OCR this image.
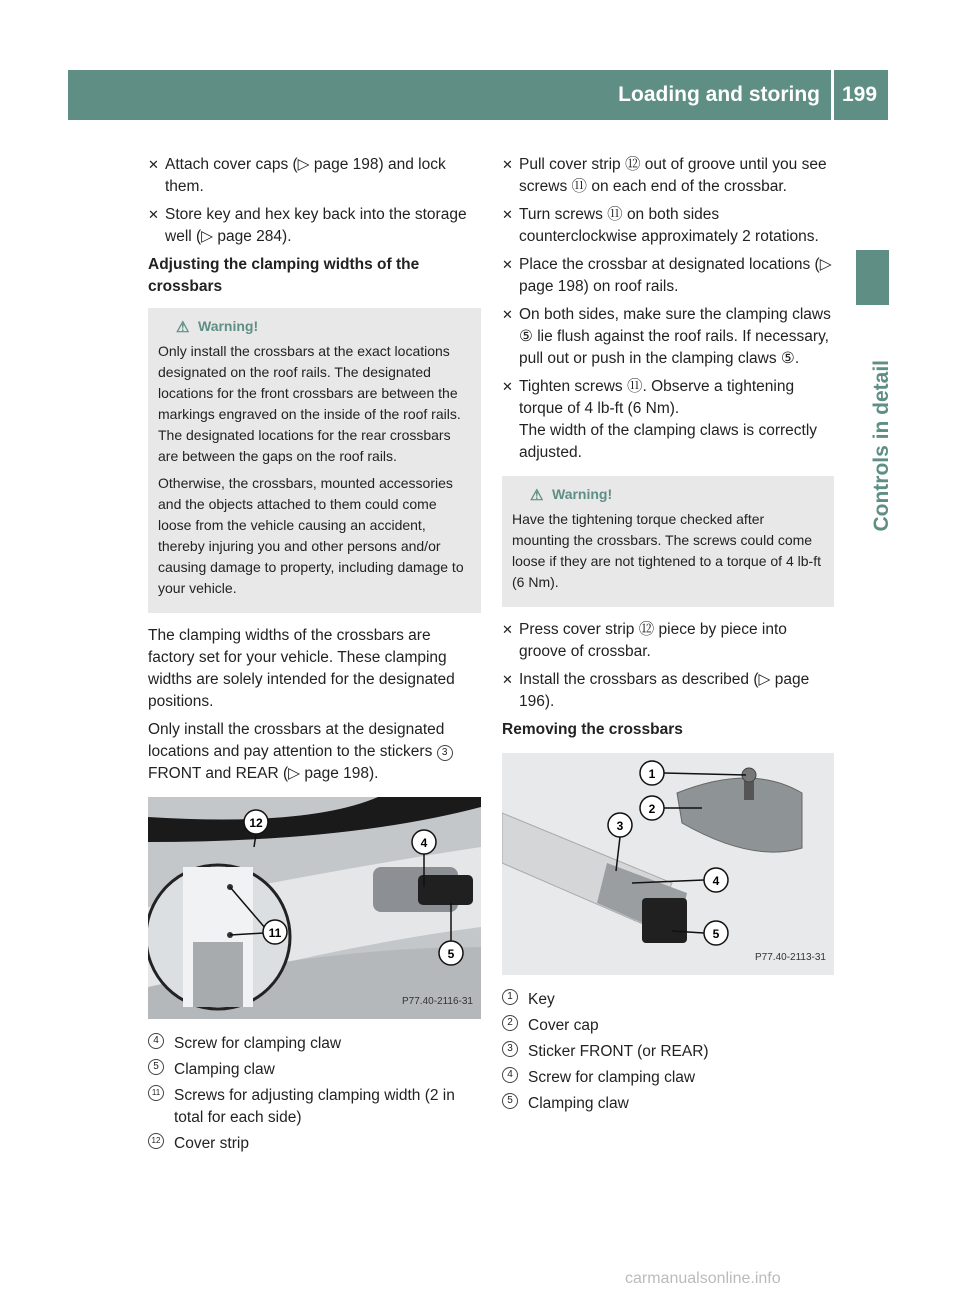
Loading and storing 199
Controls in detail
✕ Attach cover caps (▷ page 198) and lock them.
✕ Store key and hex key back into the storage well (▷ page 284).
Adjusting the clamping widths of the crossbars
⚠ Warning!

Only install the crossbars at the exact locations designated on the roof rails. The designated locations for the front crossbars are between the markings engraved on the inside of the roof rails. The designated locations for the rear crossbars are between the gaps on the roof rails.

Otherwise, the crossbars, mounted accessories and the objects attached to them could come loose from the vehicle causing an accident, thereby injuring you and other persons and/or causing damage to property, including damage to your vehicle.

The clamping widths of the crossbars are factory set for your vehicle. These clamping widths are solely intended for the designated positions.
Only install the crossbars at the designated locations and pay attention to the stickers 3 FRONT and REAR (▷ page 198).
11
12
4
5
P77.40-2116-31
4 Screw for clamping claw
5 Clamping claw
11 Screws for adjusting clamping width (2 in total for each side)
12 Cover strip
✕ Pull cover strip ⑫ out of groove until you see screws ⑪ on each end of the crossbar.
✕ Turn screws ⑪ on both sides counterclockwise approximately 2 rotations.
✕ Place the crossbar at designated locations (▷ page 198) on roof rails.
✕ On both sides, make sure the clamping claws ⑤ lie flush against the roof rails. If necessary, pull out or push in the clamping claws ⑤.
✕ Tighten screws ⑪. Observe a tightening torque of 4 lb-ft (6 Nm).
The width of the clamping claws is correctly adjusted.
⚠ Warning!

Have the tightening torque checked after mounting the crossbars. The screws could come loose if they are not tightened to a torque of 4 lb-ft (6 Nm).

✕ Press cover strip ⑫ piece by piece into groove of crossbar.
✕ Install the crossbars as described (▷ page 196).
Removing the crossbars
1
2
3
4
5
P77.40-2113-31
1 Key
2 Cover cap
3 Sticker FRONT (or REAR)
4 Screw for clamping claw
5 Clamping claw
carmanualsonline.info
